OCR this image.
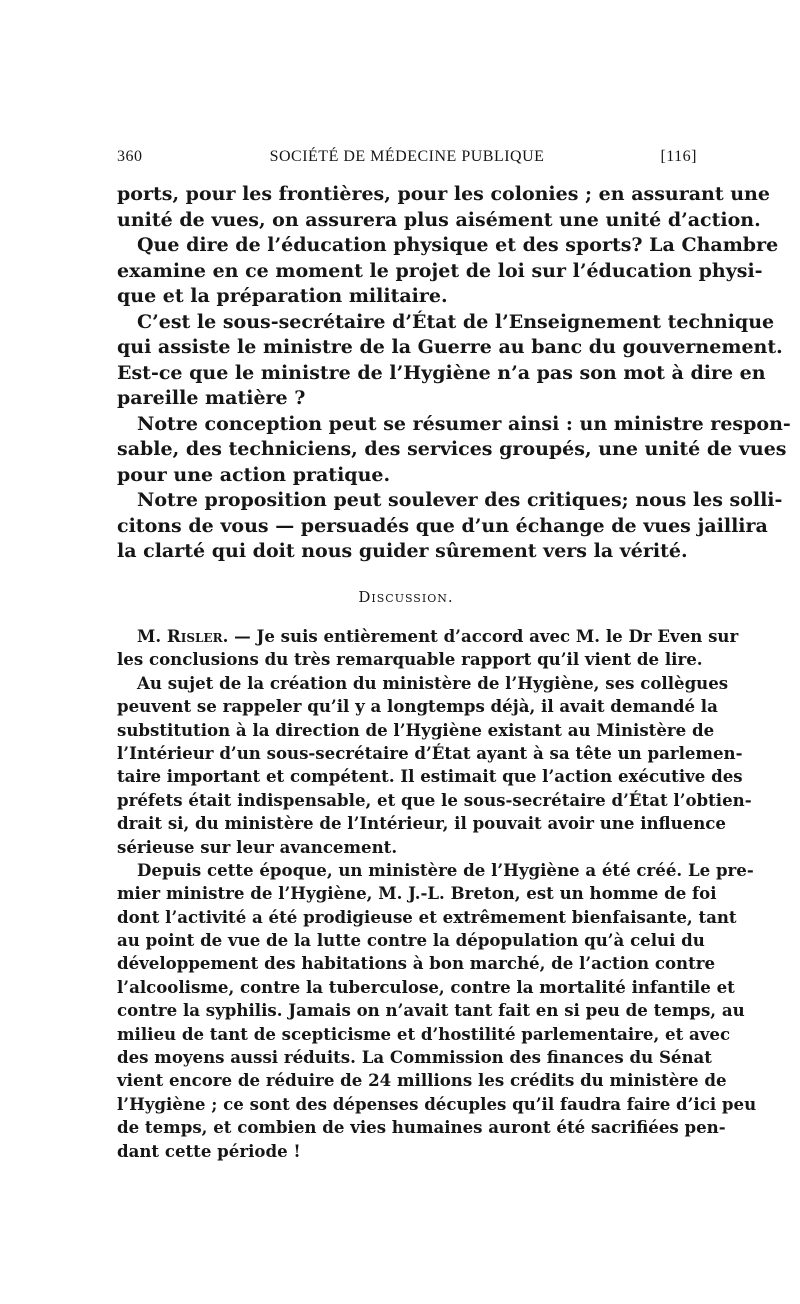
360	SOCIÉTÉ DE MÉDECINE PUBLIQUE	[116]
ports, pour les frontières, pour les colonies ; en assurant une
unité de vues, on assurera plus aisément une unité d’action.
Que dire de l’éducation physique et des sports? La Chambre
examine en ce moment le projet de loi sur l’éducation physi-
que et la préparation militaire.
C’est le sous-secrétaire d’État de l’Enseignement technique
qui assiste le ministre de la Guerre au banc du gouvernement.
Est-ce que le ministre de l’Hygiène n’a pas son mot à dire en
pareille matière ?
Notre conception peut se résumer ainsi : un ministre respon-
sable, des techniciens, des services groupés, une unité de vues
pour une action pratique.
Notre proposition peut soulever des critiques; nous les solli-
citons de vous — persuadés que d’un échange de vues jaillira
la clarté qui doit nous guider sûrement vers la vérité.
Discussion.
M. Risler. — Je suis entièrement d’accord avec M. le Dr Even sur
les conclusions du très remarquable rapport qu’il vient de lire.
Au sujet de la création du ministère de l’Hygiène, ses collègues
peuvent se rappeler qu’il y a longtemps déjà, il avait demandé la
substitution à la direction de l’Hygiène existant au Ministère de
l’Intérieur d’un sous-secrétaire d’État ayant à sa tête un parlemen-
taire important et compétent. Il estimait que l’action exécutive des
préfets était indispensable, et que le sous-secrétaire d’État l’obtien-
drait si, du ministère de l’Intérieur, il pouvait avoir une influence
sérieuse sur leur avancement.
Depuis cette époque, un ministère de l’Hygiène a été créé. Le pre-
mier ministre de l’Hygiène, M. J.-L. Breton, est un homme de foi
dont l’activité a été prodigieuse et extrêmement bienfaisante, tant
au point de vue de la lutte contre la dépopulation qu’à celui du
développement des habitations à bon marché, de l’action contre
l’alcoolisme, contre la tuberculose, contre la mortalité infantile et
contre la syphilis. Jamais on n’avait tant fait en si peu de temps, au
milieu de tant de scepticisme et d’hostilité parlementaire, et avec
des moyens aussi réduits. La Commission des finances du Sénat
vient encore de réduire de 24 millions les crédits du ministère de
l’Hygiène ; ce sont des dépenses décuples qu’il faudra faire d’ici peu
de temps, et combien de vies humaines auront été sacrifiées pen-
dant cette période !
